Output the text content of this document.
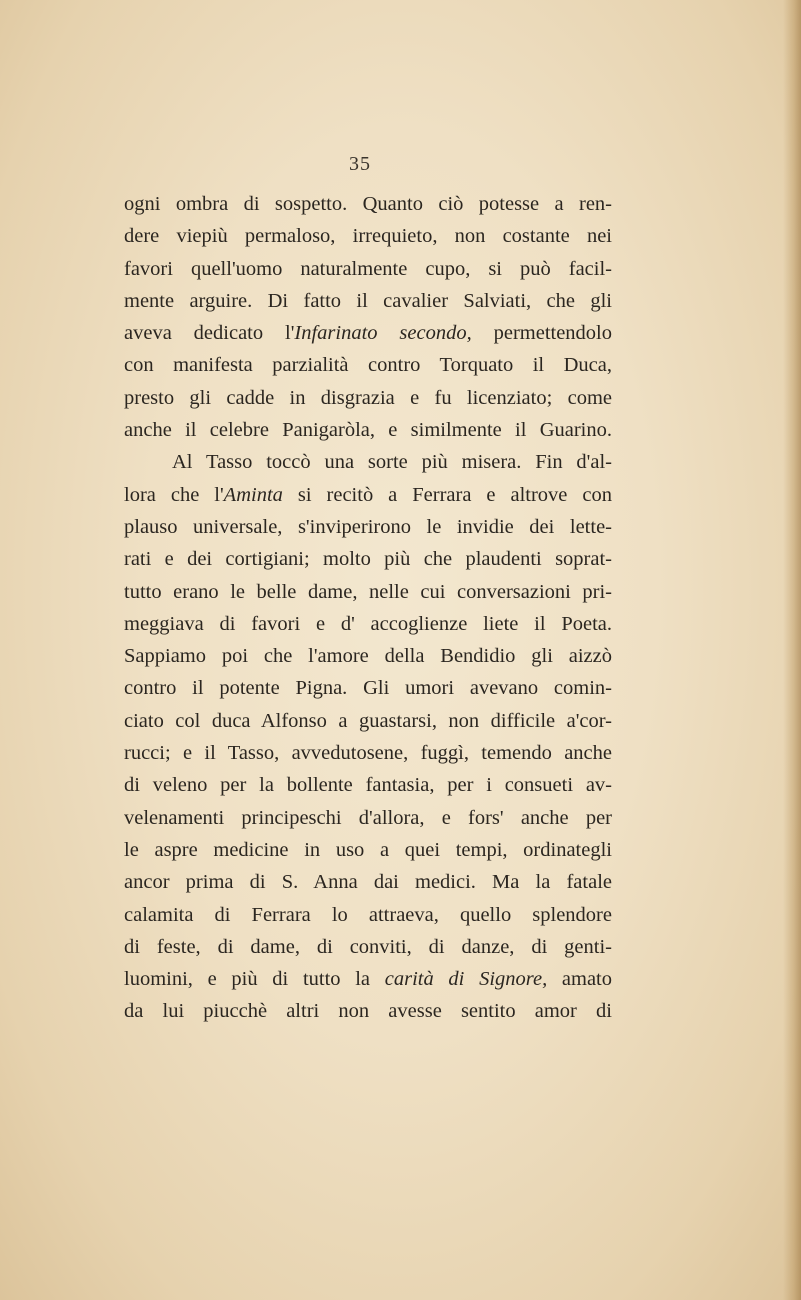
35
ogni ombra di sospetto. Quanto ciò potesse a ren-
dere viepiù permaloso, irrequieto, non costante nei
favori quell'uomo naturalmente cupo, si può facil-
mente arguire. Di fatto il cavalier Salviati, che gli
aveva dedicato l'Infarinato secondo, permettendolo
con manifesta parzialità contro Torquato il Duca,
presto gli cadde in disgrazia e fu licenziato; come
anche il celebre Panigaròla, e similmente il Guarino.
Al Tasso toccò una sorte più misera. Fin d'al-
lora che l'Aminta si recitò a Ferrara e altrove con
plauso universale, s'inviperirono le invidie dei lette-
rati e dei cortigiani; molto più che plaudenti soprat-
tutto erano le belle dame, nelle cui conversazioni pri-
meggiava di favori e d' accoglienze liete il Poeta.
Sappiamo poi che l'amore della Bendidio gli aizzò
contro il potente Pigna. Gli umori avevano comin-
ciato col duca Alfonso a guastarsi, non difficile a'cor-
rucci; e il Tasso, avvedutosene, fuggì, temendo anche
di veleno per la bollente fantasia, per i consueti av-
velenamenti principeschi d'allora, e fors' anche per
le aspre medicine in uso a quei tempi, ordinategli
ancor prima di S. Anna dai medici. Ma la fatale
calamita di Ferrara lo attraeva, quello splendore
di feste, di dame, di conviti, di danze, di genti-
luomini, e più di tutto la carità di Signore, amato
da lui piucchè altri non avesse sentito amor di
